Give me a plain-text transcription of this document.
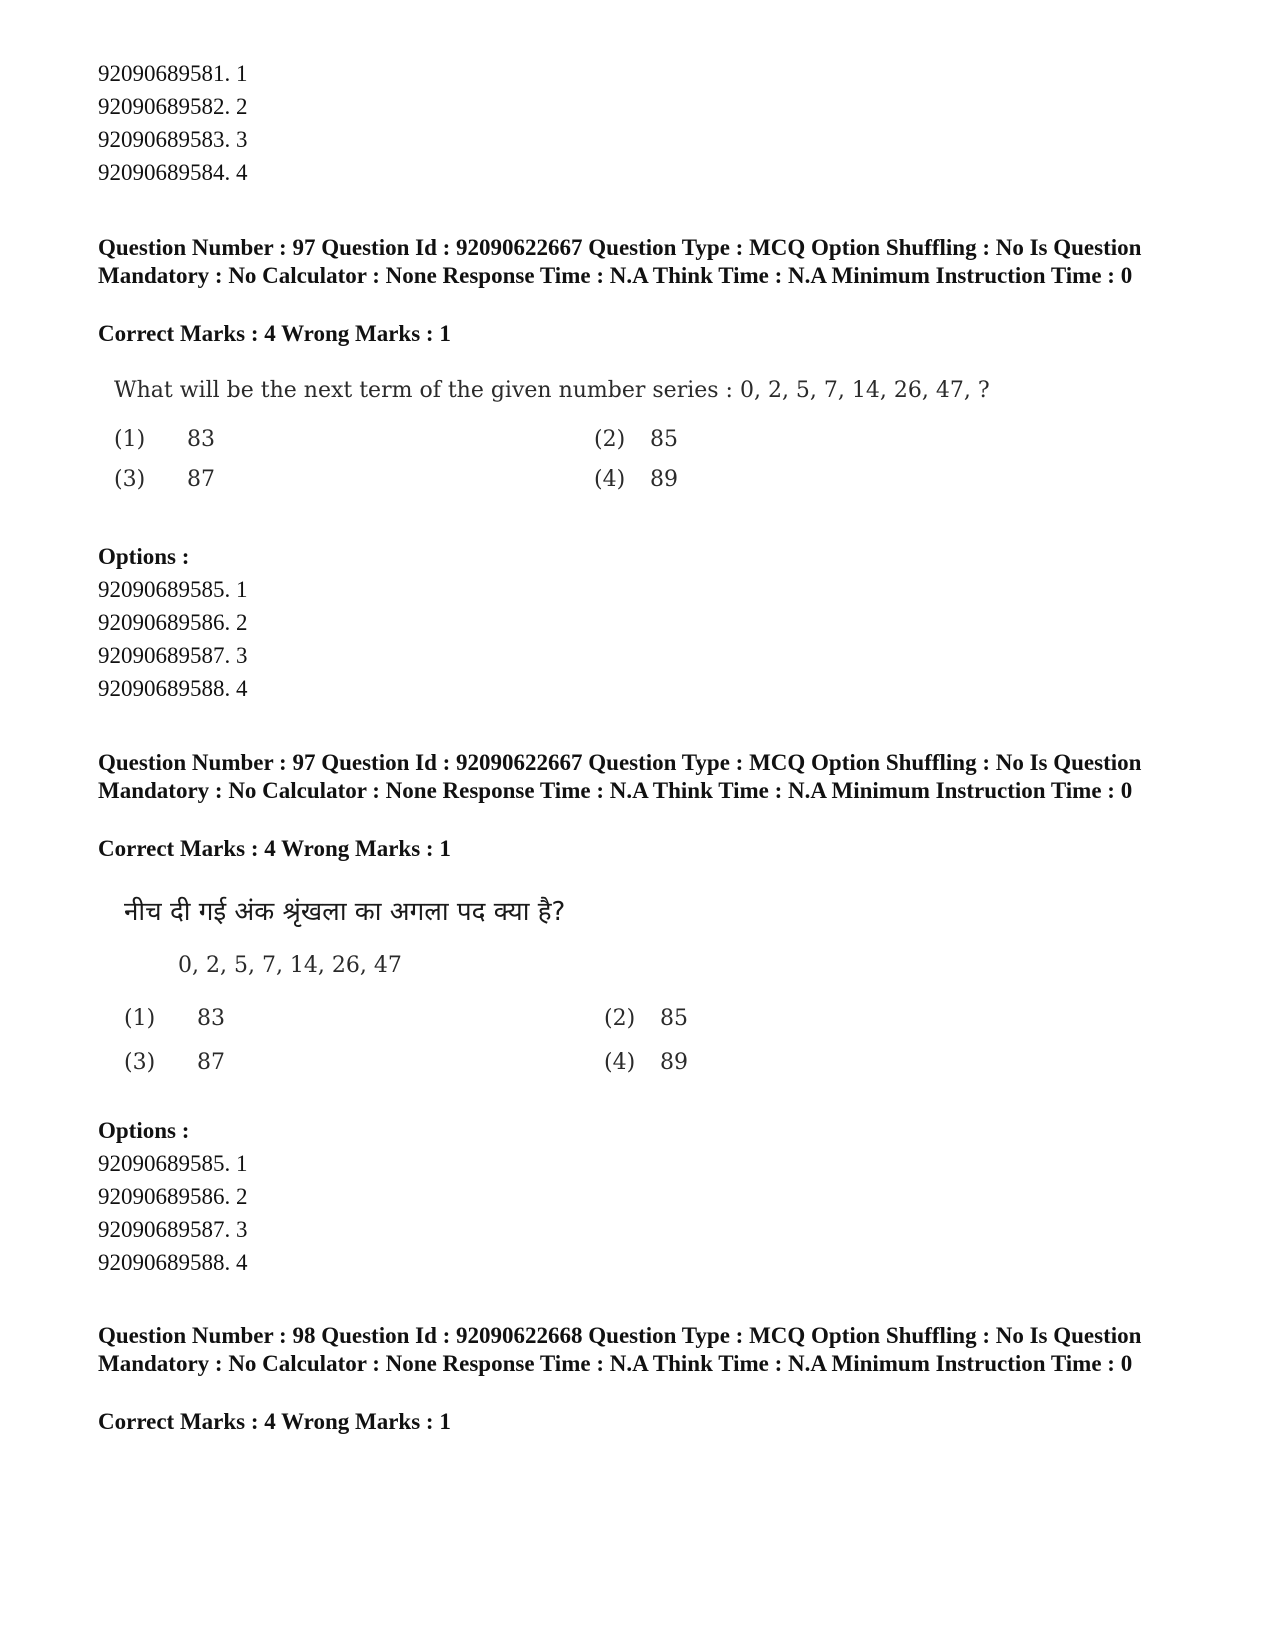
92090689581. 1
92090689582. 2
92090689583. 3
92090689584. 4
Question Number : 97 Question Id : 92090622667 Question Type : MCQ Option Shuffling : No Is Question Mandatory : No Calculator : None Response Time : N.A Think Time : N.A Minimum Instruction Time : 0
Correct Marks : 4 Wrong Marks : 1
What will be the next term of the given number series : 0, 2, 5, 7, 14, 26, 47, ?
(1) 83	(2) 85
(3) 87	(4) 89
Options :
92090689585. 1
92090689586. 2
92090689587. 3
92090689588. 4
Question Number : 97 Question Id : 92090622667 Question Type : MCQ Option Shuffling : No Is Question Mandatory : No Calculator : None Response Time : N.A Think Time : N.A Minimum Instruction Time : 0
Correct Marks : 4 Wrong Marks : 1
नीच दी गई अंक श्रृंखला का अगला पद क्या है?
0, 2, 5, 7, 14, 26, 47
(1) 83	(2) 85
(3) 87	(4) 89
Options :
92090689585. 1
92090689586. 2
92090689587. 3
92090689588. 4
Question Number : 98 Question Id : 92090622668 Question Type : MCQ Option Shuffling : No Is Question Mandatory : No Calculator : None Response Time : N.A Think Time : N.A Minimum Instruction Time : 0
Correct Marks : 4 Wrong Marks : 1
